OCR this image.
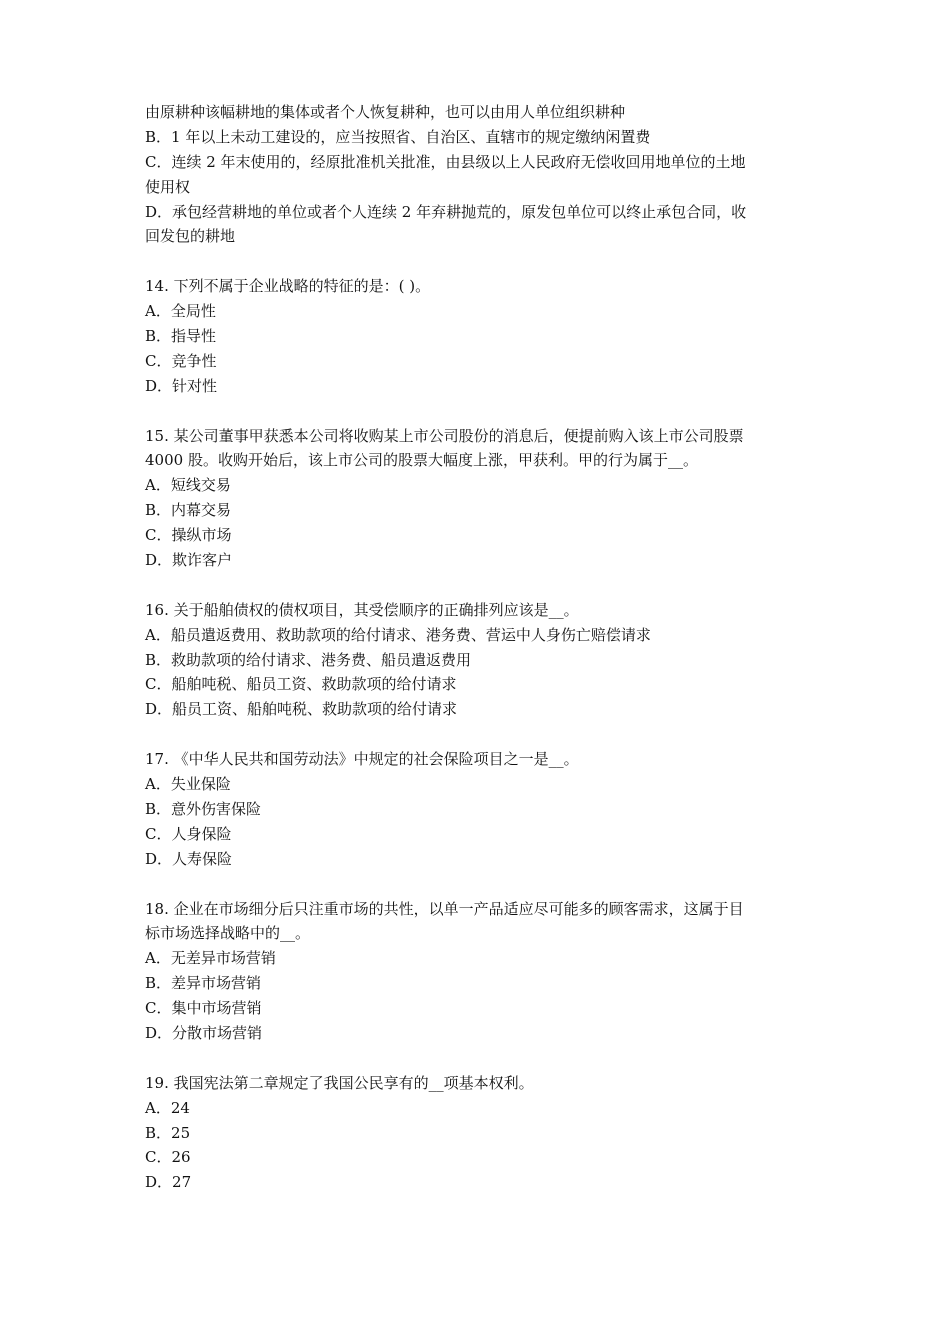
由原耕种该幅耕地的集体或者个人恢复耕种，也可以由用人单位组织耕种
B．1 年以上未动工建设的，应当按照省、自治区、直辖市的规定缴纳闲置费
C．连续 2 年末使用的，经原批准机关批准，由县级以上人民政府无偿收回用地单位的土地
使用权
D．承包经营耕地的单位或者个人连续 2 年弃耕抛荒的，原发包单位可以终止承包合同，收
回发包的耕地
14. 下列不属于企业战略的特征的是：( )。
A．全局性
B．指导性
C．竞争性
D．针对性
15. 某公司董事甲获悉本公司将收购某上市公司股份的消息后，便提前购入该上市公司股票
4000 股。收购开始后，该上市公司的股票大幅度上涨，甲获利。甲的行为属于__。
A．短线交易
B．内幕交易
C．操纵市场
D．欺诈客户
16. 关于船舶债权的债权项目，其受偿顺序的正确排列应该是__。
A．船员遣返费用、救助款项的给付请求、港务费、营运中人身伤亡赔偿请求
B．救助款项的给付请求、港务费、船员遣返费用
C．船舶吨税、船员工资、救助款项的给付请求
D．船员工资、船舶吨税、救助款项的给付请求
17. 《中华人民共和国劳动法》中规定的社会保险项目之一是__。
A．失业保险
B．意外伤害保险
C．人身保险
D．人寿保险
18. 企业在市场细分后只注重市场的共性，以单一产品适应尽可能多的顾客需求，这属于目
标市场选择战略中的__。
A．无差异市场营销
B．差异市场营销
C．集中市场营销
D．分散市场营销
19. 我国宪法第二章规定了我国公民享有的__项基本权利。
A．24
B．25
C．26
D．27
